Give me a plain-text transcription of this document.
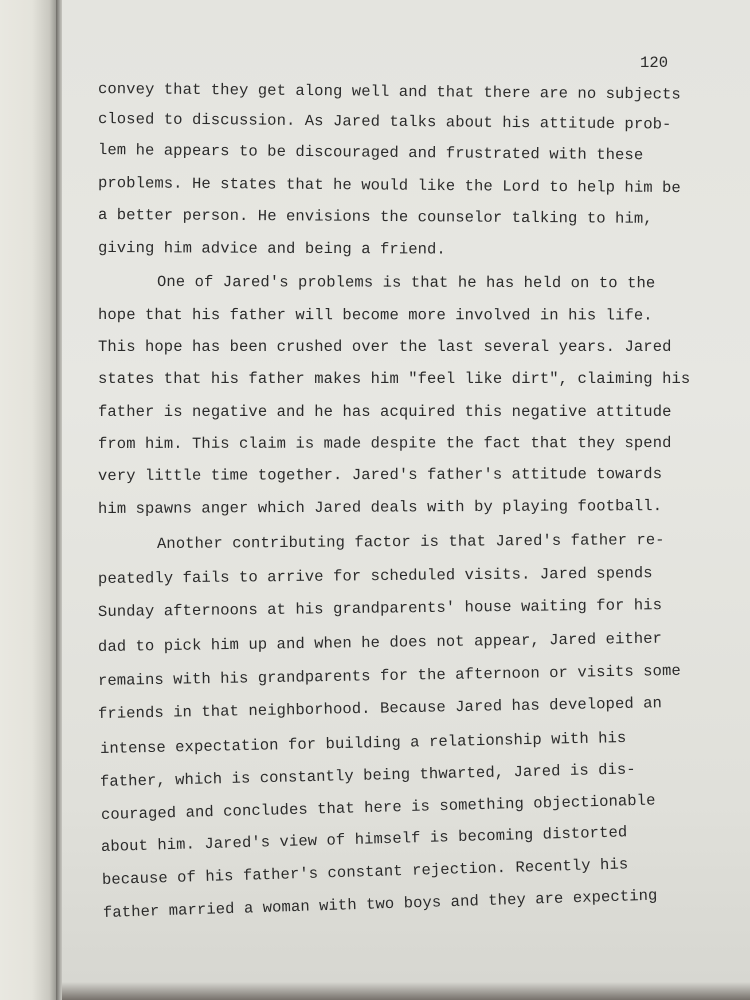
120
convey that they get along well and that there are no subjects
closed to discussion. As Jared talks about his attitude prob-
lem he appears to be discouraged and frustrated with these
problems. He states that he would like the Lord to help him be
a better person. He envisions the counselor talking to him,
giving him advice and being a friend.
One of Jared's problems is that he has held on to the
hope that his father will become more involved in his life.
This hope has been crushed over the last several years. Jared
states that his father makes him "feel like dirt", claiming his
father is negative and he has acquired this negative attitude
from him. This claim is made despite the fact that they spend
very little time together. Jared's father's attitude towards
him spawns anger which Jared deals with by playing football.
Another contributing factor is that Jared's father re-
peatedly fails to arrive for scheduled visits. Jared spends
Sunday afternoons at his grandparents' house waiting for his
dad to pick him up and when he does not appear, Jared either
remains with his grandparents for the afternoon or visits some
friends in that neighborhood. Because Jared has developed an
intense expectation for building a relationship with his
father, which is constantly being thwarted, Jared is dis-
couraged and concludes that here is something objectionable
about him. Jared's view of himself is becoming distorted
because of his father's constant rejection. Recently his
father married a woman with two boys and they are expecting
